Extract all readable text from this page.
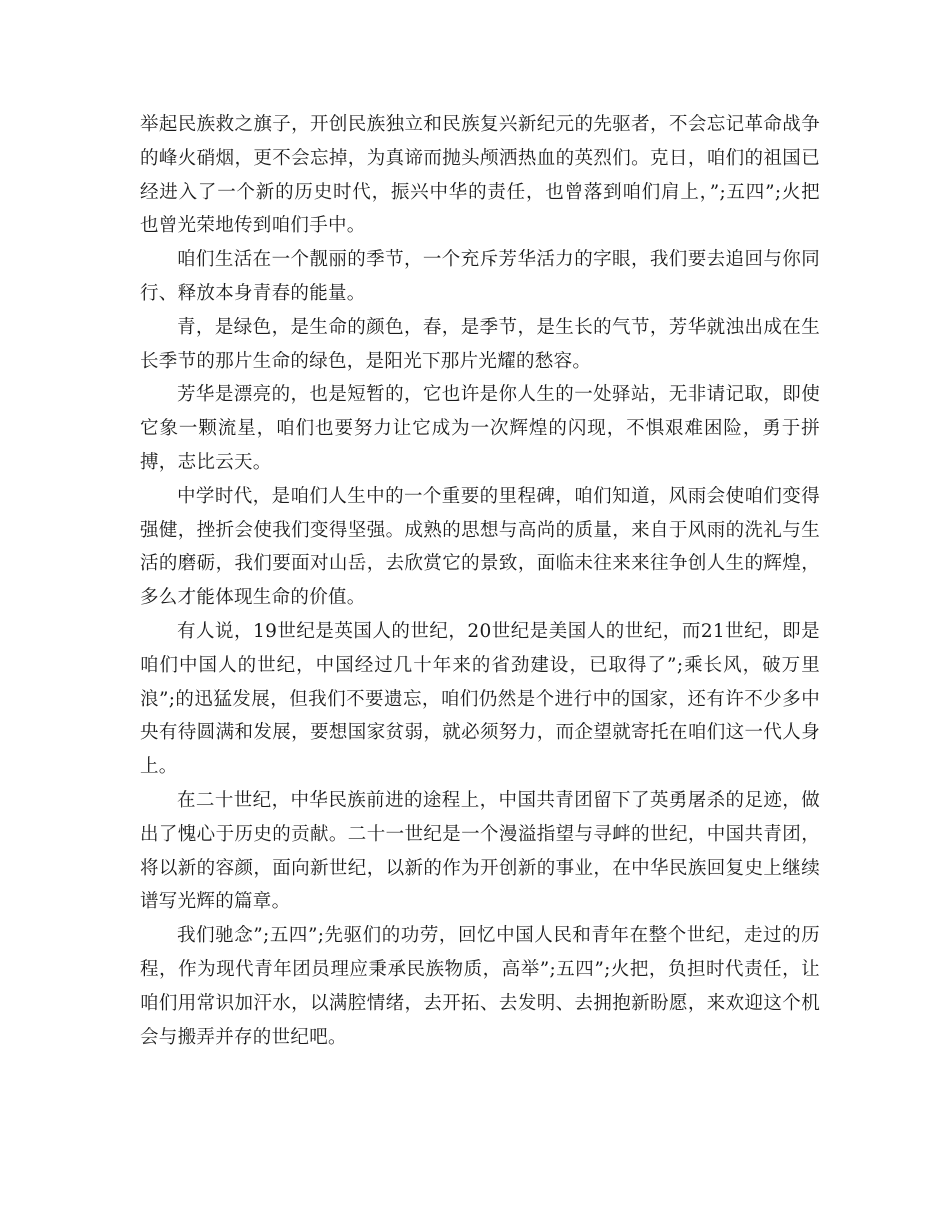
举起民族救之旗子，开创民族独立和民族复兴新纪元的先驱者，不会忘记革命战争的峰火硝烟，更不会忘掉，为真谛而抛头颅洒热血的英烈们。克日，咱们的祖国已经进入了一个新的历史时代，振兴中华的责任，也曾落到咱们肩上，”;五四”;火把也曾光荣地传到咱们手中。

咱们生活在一个靓丽的季节，一个充斥芳华活力的字眼，我们要去追回与你同行、释放本身青春的能量。

青，是绿色，是生命的颜色，春，是季节，是生长的气节，芳华就浊出成在生长季节的那片生命的绿色，是阳光下那片光耀的愁容。

芳华是漂亮的，也是短暂的，它也许是你人生的一处驿站，无非请记取，即使它象一颗流星，咱们也要努力让它成为一次辉煌的闪现，不惧艰难困险，勇于拼搏，志比云天。

中学时代，是咱们人生中的一个重要的里程碑，咱们知道，风雨会使咱们变得强健，挫折会使我们变得坚强。成熟的思想与高尚的质量，来自于风雨的洗礼与生活的磨砺，我们要面对山岳，去欣赏它的景致，面临未往来来往争创人生的辉煌，多么才能体现生命的价值。

有人说，19世纪是英国人的世纪，20世纪是美国人的世纪，而21世纪，即是咱们中国人的世纪，中国经过几十年来的省劲建设，已取得了”;乘长风，破万里浪”;的迅猛发展，但我们不要遗忘，咱们仍然是个进行中的国家，还有许不少多中央有待圆满和发展，要想国家贫弱，就必须努力，而企望就寄托在咱们这一代人身上。

在二十世纪，中华民族前进的途程上，中国共青团留下了英勇屠杀的足迹，做出了愧心于历史的贡献。二十一世纪是一个漫溢指望与寻衅的世纪，中国共青团，将以新的容颜，面向新世纪，以新的作为开创新的事业，在中华民族回复史上继续谱写光辉的篇章。

我们驰念”;五四”;先驱们的功劳，回忆中国人民和青年在整个世纪，走过的历程，作为现代青年团员理应秉承民族物质，高举”;五四”;火把，负担时代责任，让咱们用常识加汗水，以满腔情绪，去开拓、去发明、去拥抱新盼愿，来欢迎这个机会与搬弄并存的世纪吧。
